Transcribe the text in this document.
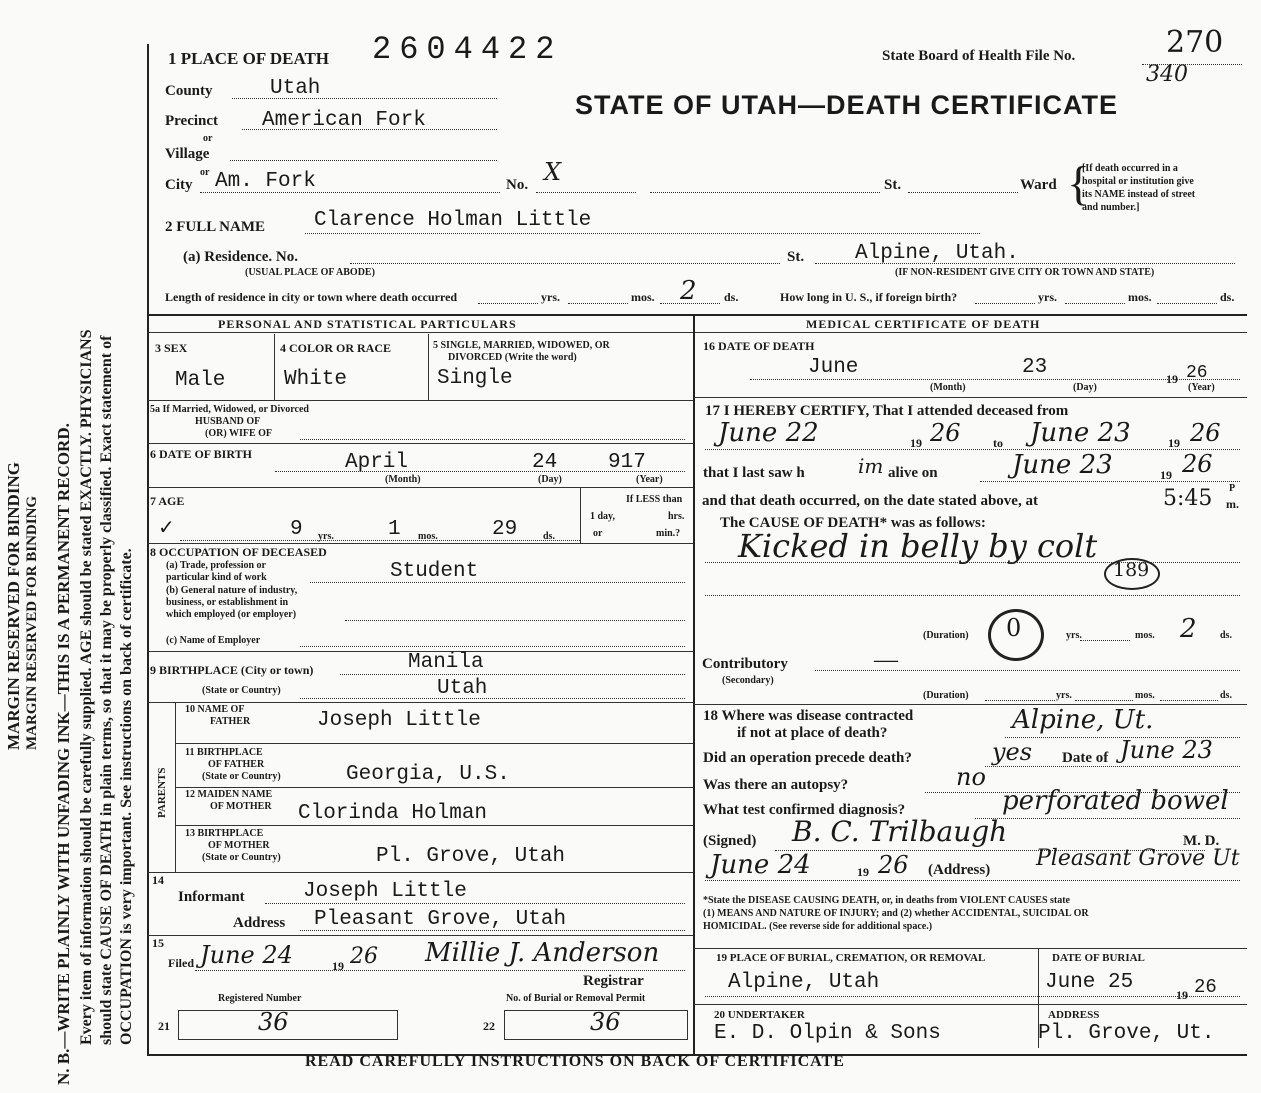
MARGIN RESERVED FOR BINDING MARGIN RESERVED FOR BINDING N. B.—WRITE PLAINLY WITH UNFADING INK—THIS IS A PERMANENT RECORD. Every item of information should be carefully supplied. AGE should be stated EXACTLY. PHYSICIANS should state CAUSE OF DEATH in plain terms, so that it may be properly classified. Exact statement of OCCUPATION is very important. See instructions on back of certificate.
1 PLACE OF DEATH 2604422	State Board of Health File No.	270
340
STATE OF UTAH—DEATH CERTIFICATE
County	Utah
Precinct American Fork
or
Village
or
City Am. Fork	No. X	St.	Ward {
[If death occurred in a
hospital or institution give
its NAME instead of street
and number.]
2 FULL NAME Clarence Holman Little
(a) Residence. No.
(USUAL PLACE OF ABODE)
St. Alpine, Utah.
(IF NON-RESIDENT GIVE CITY OR TOWN AND STATE)
Length of residence in city or town where death occurred	yrs.	mos. 2 ds.	How long in U. S., if foreign birth?	yrs.	mos.	ds.
PERSONAL AND STATISTICAL PARTICULARS
3 SEX
Male
4 COLOR OR RACE
White
5 SINGLE, MARRIED, WIDOWED, OR
DIVORCED (Write the word)
Single
5a If Married, Widowed, or Divorced
HUSBAND OF
(OR) WIFE OF
6 DATE OF BIRTH	April	24 917
(Month)	(Day)	(Year)
7 AGE
✓	9 yrs.	1 mos.	29	ds.
If LESS than
1 day,	hrs.
or	min.?
8 OCCUPATION OF DECEASED
(a) Trade, profession or
particular kind of work	Student
(b) General nature of industry,
business, or establishment in
which employed (or employer)
(c) Name of Employer
9 BIRTHPLACE (City or town)	Manila
(State or Country)	Utah
PARENTS
10 NAME OF
FATHER	Joseph Little
11 BIRTHPLACE
OF FATHER
(State or Country)	Georgia, U.S.
12 MAIDEN NAME
OF MOTHER Clorinda Holman
13 BIRTHPLACE
OF MOTHER
(State or Country)	Pl. Grove, Utah
14
Informant	Joseph Little
Address Pleasant Grove, Utah
15
Filed June 24	19 26 Millie J. Anderson
Registrar
Registered Number	No. of Burial or Removal Permit
21	36	22	36
MEDICAL CERTIFICATE OF DEATH
16 DATE OF DEATH
June	23	19 26
(Month)	(Day)	(Year)
17 I HEREBY CERTIFY, That I attended deceased from
June 22	19 26	to June 23	19 26
that I last saw h	im alive on	June 23	19 26
and that death occurred, on the date stated above, at	5:45 P
m.
The CAUSE OF DEATH* was as follows:
Kicked in belly by colt
189
(Duration) 0	yrs.	mos. 2 ds.
Contributory
(Secondary)
—
(Duration)	yrs.	mos.	ds.
18 Where was disease contracted
if not at place of death?	Alpine, Ut.
Did an operation precede death?	yes Date of June 23
Was there an autopsy?	no
What test confirmed diagnosis?	perforated bowel
(Signed) B. C. Trilbaugh	M. D.
June 24	19 26 (Address) Pleasant Grove Ut
*State the DISEASE CAUSING DEATH, or, in deaths from VIOLENT CAUSES state
(1) MEANS AND NATURE OF INJURY; and (2) whether ACCIDENTAL, SUICIDAL OR
HOMICIDAL. (See reverse side for additional space.)
19 PLACE OF BURIAL, CREMATION, OR REMOVAL
Alpine, Utah
DATE OF BURIAL
June 25
19 26
20 UNDERTAKER
E. D. Olpin & Sons
ADDRESS
Pl. Grove, Ut.
READ CAREFULLY INSTRUCTIONS ON BACK OF CERTIFICATE
